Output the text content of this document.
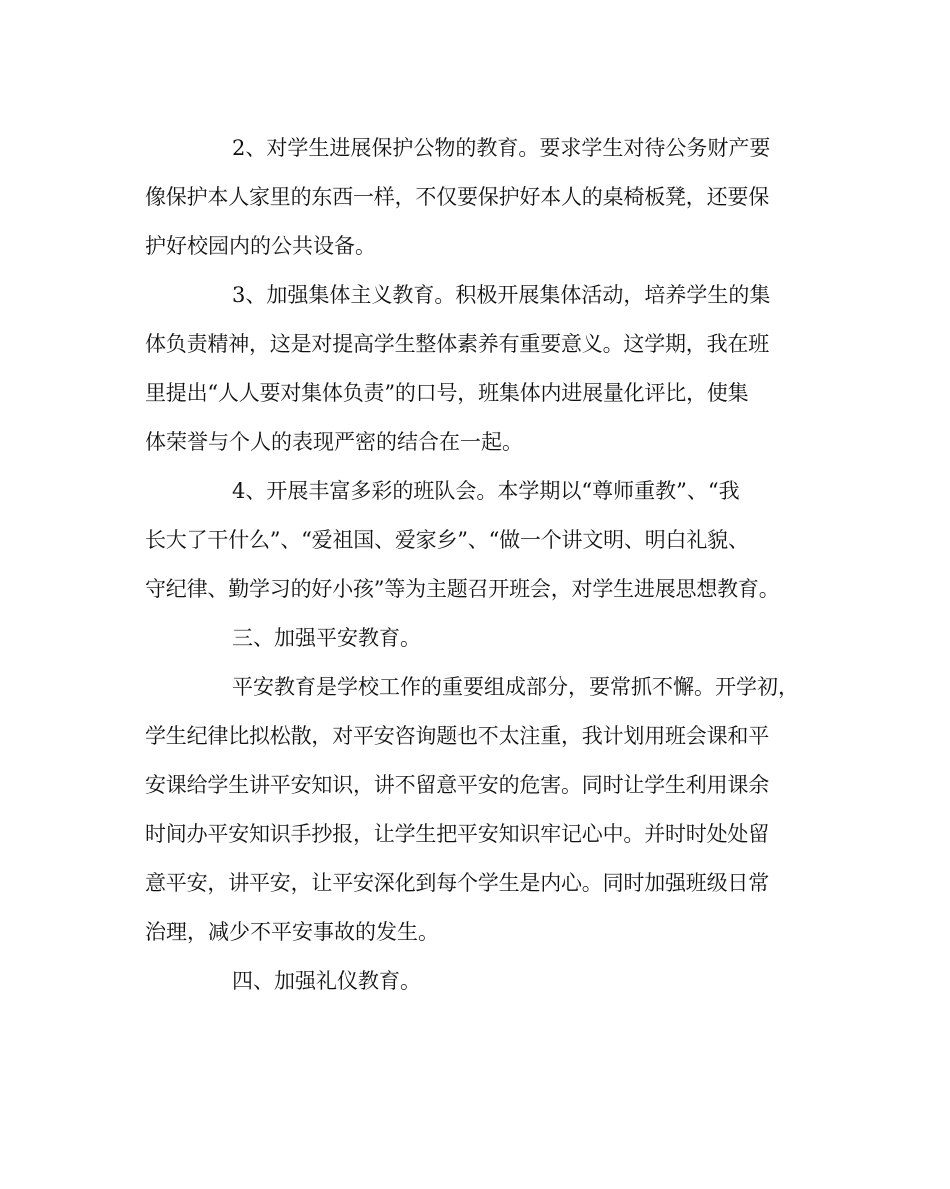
2、对学生进展保护公物的教育。要求学生对待公务财产要
像保护本人家里的东西一样，不仅要保护好本人的桌椅板凳，还要保
护好校园内的公共设备。
3、加强集体主义教育。积极开展集体活动，培养学生的集
体负责精神，这是对提高学生整体素养有重要意义。这学期，我在班
里提出“人人要对集体负责”的口号，班集体内进展量化评比，使集
体荣誉与个人的表现严密的结合在一起。
4、开展丰富多彩的班队会。本学期以“尊师重教”、“我
长大了干什么”、“爱祖国、爱家乡”、“做一个讲文明、明白礼貌、
守纪律、勤学习的好小孩”等为主题召开班会，对学生进展思想教育。
三、加强平安教育。
平安教育是学校工作的重要组成部分，要常抓不懈。开学初，
学生纪律比拟松散，对平安咨询题也不太注重，我计划用班会课和平
安课给学生讲平安知识，讲不留意平安的危害。同时让学生利用课余
时间办平安知识手抄报，让学生把平安知识牢记心中。并时时处处留
意平安，讲平安，让平安深化到每个学生是内心。同时加强班级日常
治理，减少不平安事故的发生。
四、加强礼仪教育。
